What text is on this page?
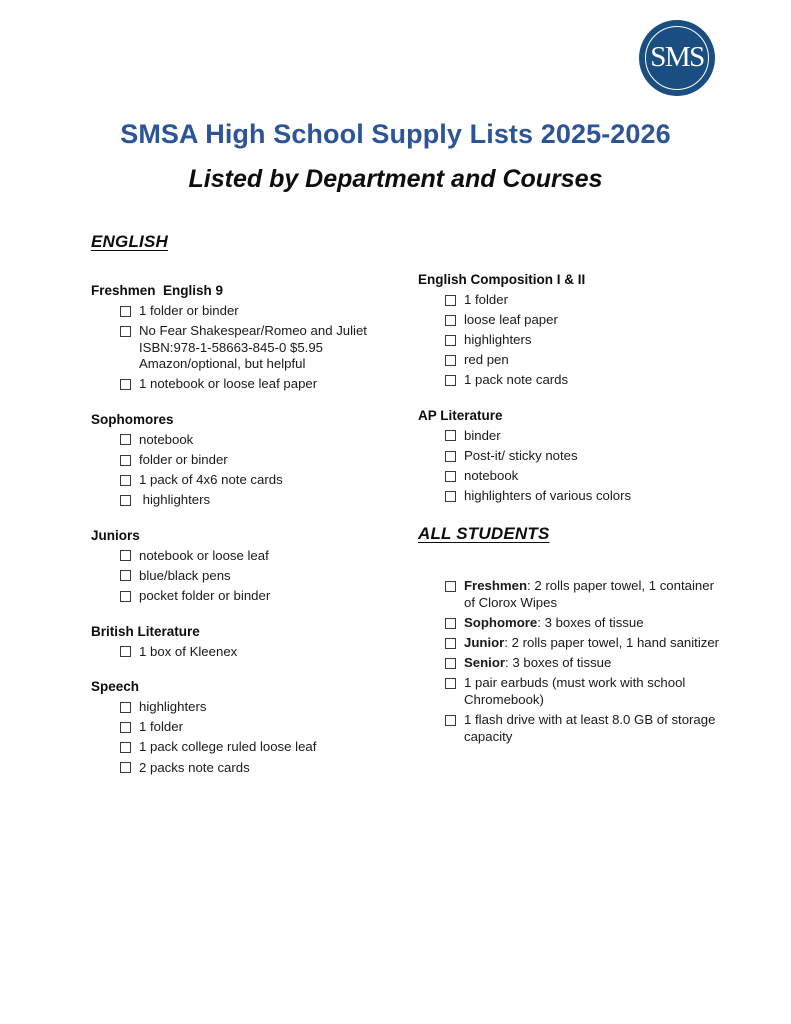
SMS
SMSA High School Supply Lists 2025-2026
Listed by Department and Courses
ENGLISH
Freshmen  English 9
1 folder or binder
No Fear Shakespear/Romeo and Juliet ISBN:978-1-58663-845-0 $5.95 Amazon/optional, but helpful
1 notebook or loose leaf paper
Sophomores
notebook
folder or binder
1 pack of 4x6 note cards
highlighters
Juniors
notebook or loose leaf
blue/black pens
pocket folder or binder
British Literature
1 box of Kleenex
Speech
highlighters
1 folder
1 pack college ruled loose leaf
2 packs note cards
English Composition I & II
1 folder
loose leaf paper
highlighters
red pen
1 pack note cards
AP Literature
binder
Post-it/ sticky notes
notebook
highlighters of various colors
ALL STUDENTS
Freshmen: 2 rolls paper towel, 1 container of Clorox Wipes
Sophomore: 3 boxes of tissue
Junior: 2 rolls paper towel, 1 hand sanitizer
Senior: 3 boxes of tissue
1 pair earbuds (must work with school Chromebook)
1 flash drive with at least 8.0 GB of storage capacity
